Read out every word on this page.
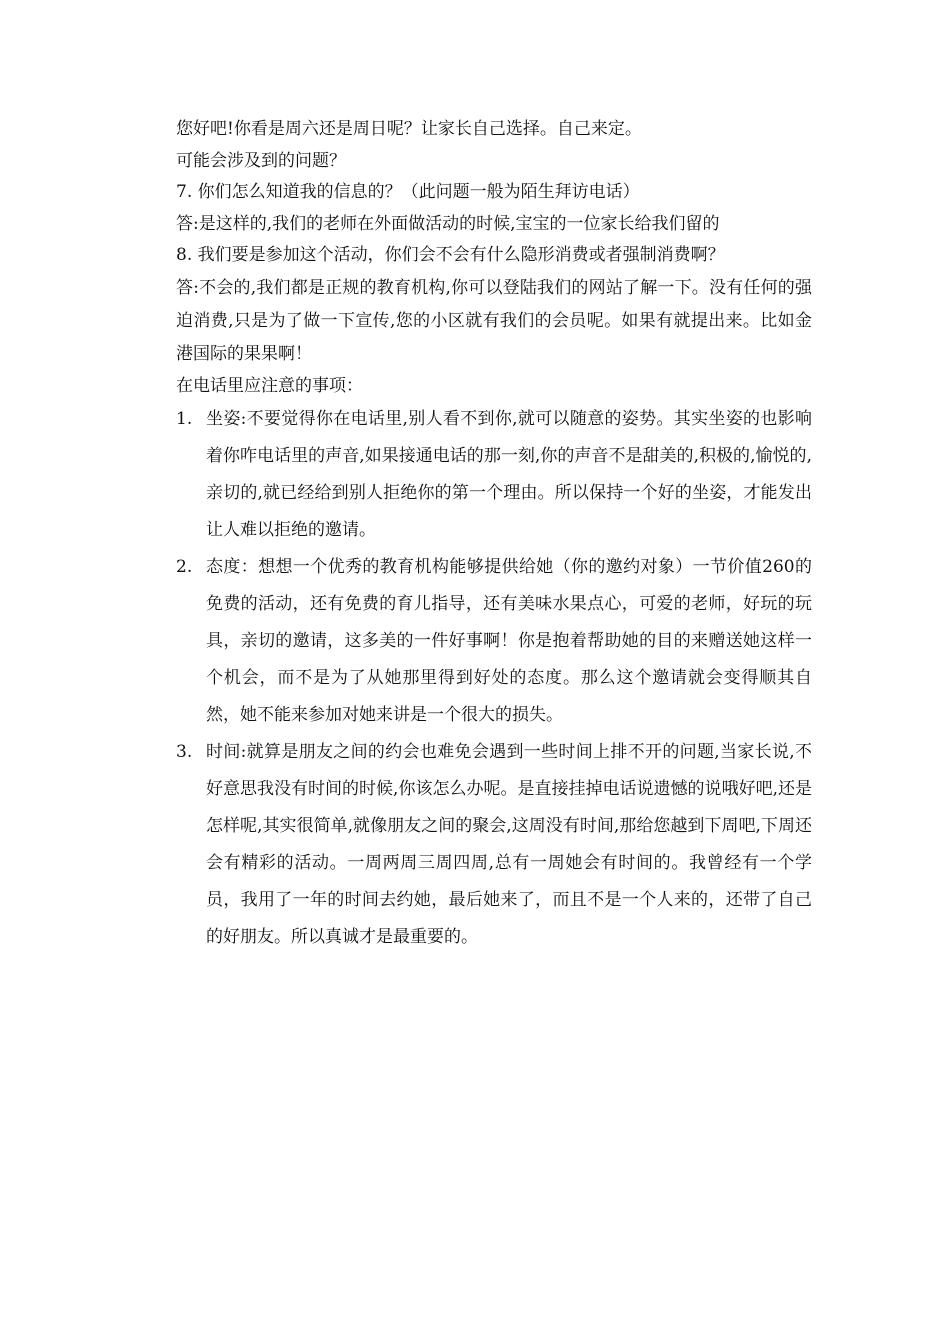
您好吧!你看是周六还是周日呢？让家长自己选择。自己来定。

可能会涉及到的问题？

7. 你们怎么知道我的信息的？（此问题一般为陌生拜访电话）

答:是这样的,我们的老师在外面做活动的时候,宝宝的一位家长给我们留的

8. 我们要是参加这个活动，你们会不会有什么隐形消费或者强制消费啊？

答:不会的,我们都是正规的教育机构,你可以登陆我们的网站了解一下。没有任何的强迫消费,只是为了做一下宣传,您的小区就有我们的会员呢。如果有就提出来。比如金港国际的果果啊！

在电话里应注意的事项：

1. 坐姿:不要觉得你在电话里,别人看不到你,就可以随意的姿势。其实坐姿的也影响着你咋电话里的声音,如果接通电话的那一刻,你的声音不是甜美的,积极的,愉悦的,亲切的,就已经给到别人拒绝你的第一个理由。所以保持一个好的坐姿，才能发出让人难以拒绝的邀请。
2. 态度：想想一个优秀的教育机构能够提供给她（你的邀约对象）一节价值260的免费的活动，还有免费的育儿指导，还有美味水果点心，可爱的老师，好玩的玩具，亲切的邀请，这多美的一件好事啊！你是抱着帮助她的目的来赠送她这样一个机会，而不是为了从她那里得到好处的态度。那么这个邀请就会变得顺其自然，她不能来参加对她来讲是一个很大的损失。
3. 时间:就算是朋友之间的约会也难免会遇到一些时间上排不开的问题,当家长说,不好意思我没有时间的时候,你该怎么办呢。是直接挂掉电话说遗憾的说哦好吧,还是怎样呢,其实很简单,就像朋友之间的聚会,这周没有时间,那给您越到下周吧,下周还会有精彩的活动。一周两周三周四周,总有一周她会有时间的。我曾经有一个学员，我用了一年的时间去约她，最后她来了，而且不是一个人来的，还带了自己的好朋友。所以真诚才是最重要的。
